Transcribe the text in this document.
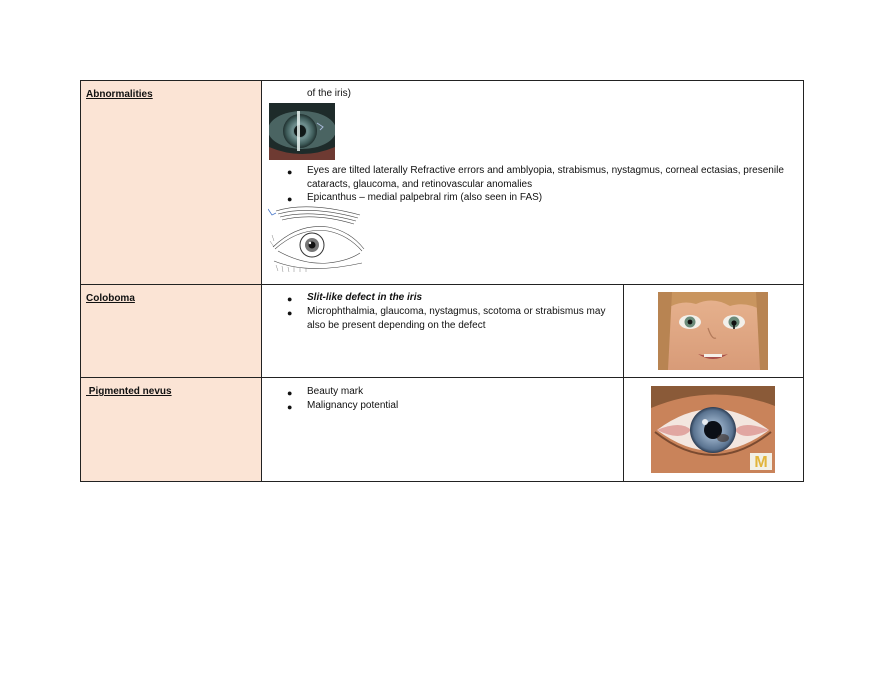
Abnormalities	of the iris)
● Eyes are tilted laterally Refractive errors and amblyopia, strabismus, nystagmus, corneal ectasias, presenile
cataracts, glaucoma, and retinovascular anomalies
● Epicanthus – medial palpebral rim (also seen in FAS)
Coloboma	● Slit-like defect in the iris
● Microphthalmia, glaucoma, nystagmus, scotoma or strabismus may
also be present depending on the defect
Pigmented nevus	● Beauty mark
● Malignancy potential
M
